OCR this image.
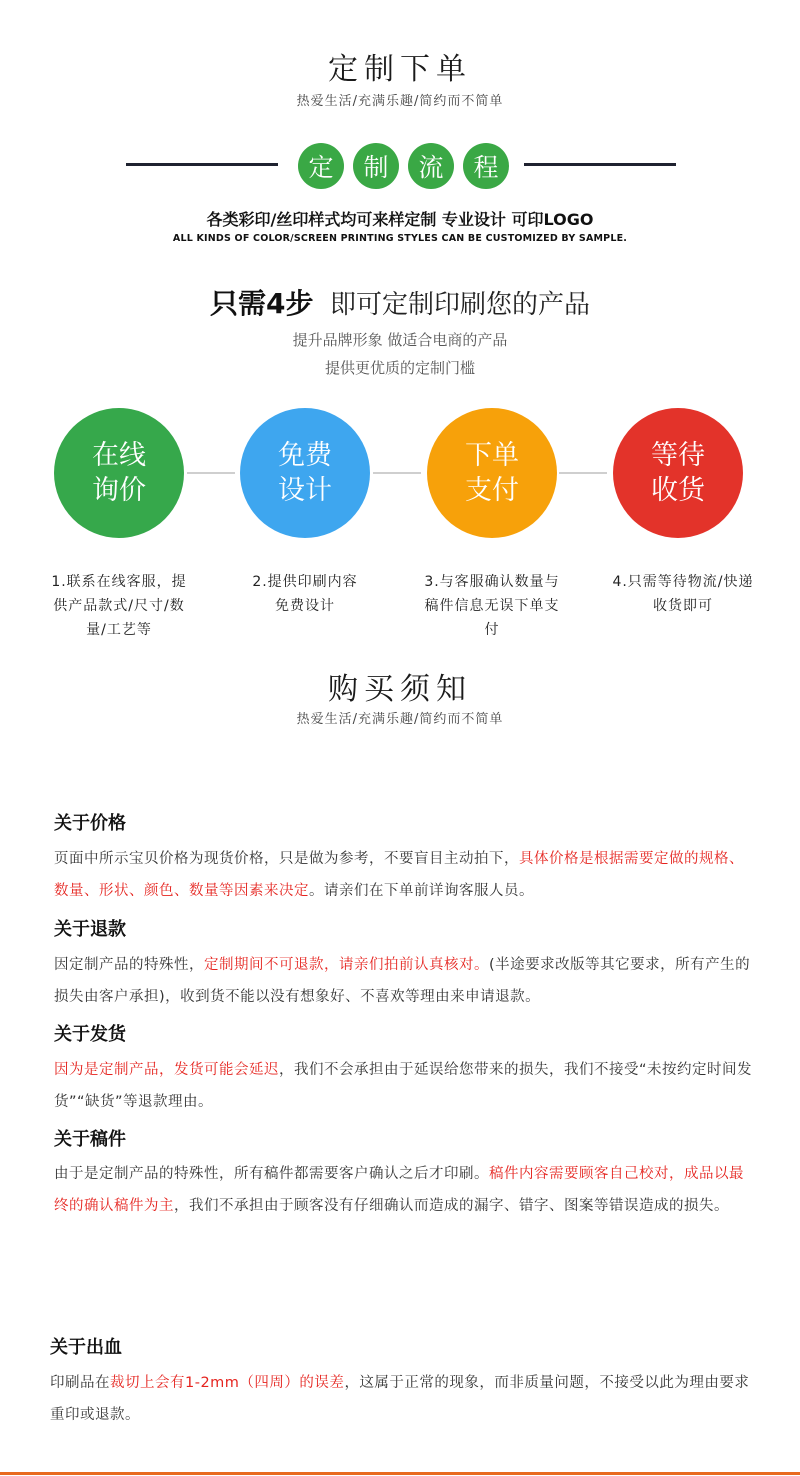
定制下单
热爱生活/充满乐趣/简约而不简单
定	制	流	程
各类彩印/丝印样式均可来样定制 专业设计 可印LOGO
ALL KINDS OF COLOR/SCREEN PRINTING STYLES CAN BE CUSTOMIZED BY SAMPLE.
只需4步 即可定制印刷您的产品
提升品牌形象 做适合电商的产品
提供更优质的定制门槛
在线
询价
免费
设计
下单
支付
等待
收货
1.联系在线客服，提
供产品款式/尺寸/数
量/工艺等
2.提供印刷内容
免费设计
3.与客服确认数量与
稿件信息无误下单支
付
4.只需等待物流/快递
收货即可
购买须知
热爱生活/充满乐趣/简约而不简单
关于价格
页面中所示宝贝价格为现货价格，只是做为参考，不要盲目主动拍下，具体价格是根据需要定做的规格、数量、形状、颜色、数量等因素来决定。请亲们在下单前详询客服人员。
关于退款
因定制产品的特殊性，定制期间不可退款，请亲们拍前认真核对。(半途要求改版等其它要求，所有产生的损失由客户承担)，收到货不能以没有想象好、不喜欢等理由来申请退款。
关于发货
因为是定制产品，发货可能会延迟，我们不会承担由于延误给您带来的损失，我们不接受“未按约定时间发货”“缺货”等退款理由。
关于稿件
由于是定制产品的特殊性，所有稿件都需要客户确认之后才印刷。稿件内容需要顾客自己校对，成品以最终的确认稿件为主，我们不承担由于顾客没有仔细确认而造成的漏字、错字、图案等错误造成的损失。
关于出血
印刷品在裁切上会有1-2mm（四周）的误差，这属于正常的现象，而非质量问题，不接受以此为理由要求重印或退款。
